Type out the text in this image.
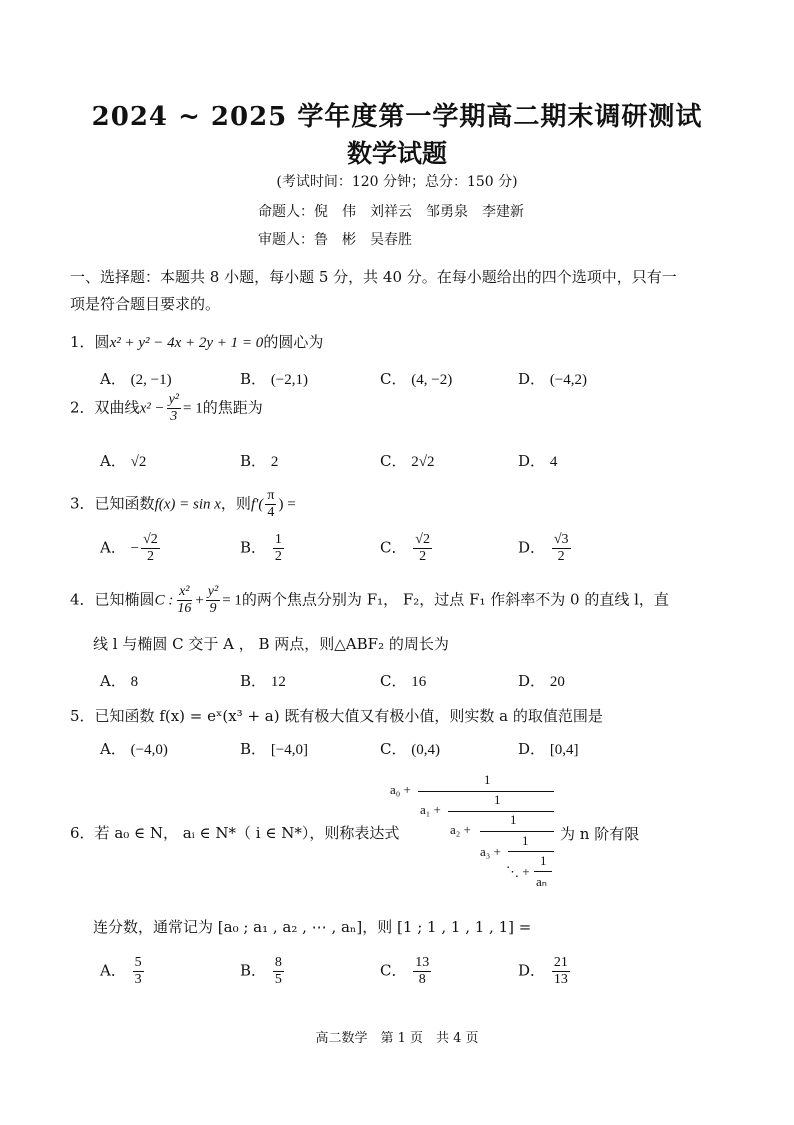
2024 ~ 2025 学年度第一学期高二期末调研测试
数学试题
(考试时间：120 分钟；总分：150 分)
命题人：倪　伟　刘祥云　邹勇泉　李建新
审题人：鲁　彬　吴春胜
一、选择题：本题共 8 小题，每小题 5 分，共 40 分。在每小题给出的四个选项中，只有一
项是符合题目要求的。
1．圆x² + y² − 4x + 2y + 1 = 0的圆心为
A． (2, −1)	B． (−2,1)	C． (4, −2)	D． (−4,2)
2．双曲线$x^2 - \frac{\text{y²}}{3} = 1$的焦距为
A． √2	B． 2	C． 2√2	D． 4
3．已知函数f(x) = sin x，则$f'( \frac{\pi}{4}$ ) =
A． − $\frac{√2}{2}$	B． $\frac{1}{2}$	C． $\frac{√2}{2}$	D． $\frac{√3}{2}$
4．已知椭圆C : $\frac{\text{x²}}{16} + \frac{\text{y²}}{9} = 1$的两个焦点分别为 F₁， F₂，过点 F₁ 作斜率不为 0 的直线 l，直
线 l 与椭圆 C 交于 A ， B 两点，则△ABF₂ 的周长为
A． 8	B． 12	C． 16	D． 20
5．已知函数 f(x) = eˣ(x³ + a) 既有极大值又有极小值，则实数 a 的取值范围是
A． (−4,0)	B． [−4,0]	C． (0,4)	D． [0,4]
6．若 a₀ ∈ N， aᵢ ∈ N*（ i ∈ N*），则称表达式
a₀ +
1
a₁ +
1
a₂ +
1
a₃ +
1
⋱ +
1
aₙ
为 n 阶有限
连分数，通常记为 [a₀ ; a₁ , a₂ , ⋯ , aₙ]，则 [1 ; 1 , 1 , 1 , 1] =
A． $\frac{5}{3}$	B． $\frac{8}{5}$	C． $\frac{13}{8}$	D． $\frac{21}{13}$
高二数学　第 1 页　共 4 页
